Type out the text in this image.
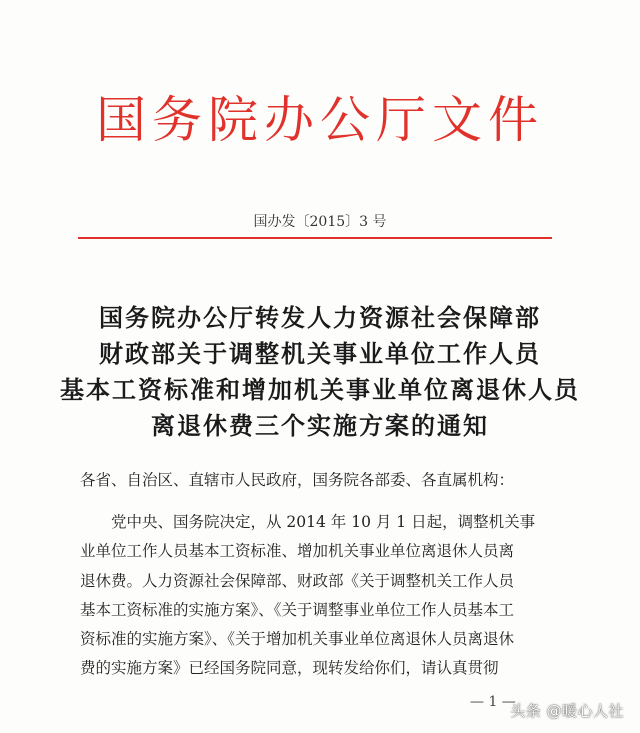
国务院办公厅文件
国办发〔2015〕3 号
国务院办公厅转发人力资源社会保障部
财政部关于调整机关事业单位工作人员
基本工资标准和增加机关事业单位离退休人员
离退休费三个实施方案的通知
各省、自治区、直辖市人民政府，国务院各部委、各直属机构：
党中央、国务院决定，从 2014 年 10 月 1 日起，调整机关事
业单位工作人员基本工资标准、增加机关事业单位离退休人员离
退休费。人力资源社会保障部、财政部《关于调整机关工作人员
基本工资标准的实施方案》、《关于调整事业单位工作人员基本工
资标准的实施方案》、《关于增加机关事业单位离退休人员离退休
费的实施方案》已经国务院同意，现转发给你们，请认真贯彻
— 1 —
头条 @暖心人社
